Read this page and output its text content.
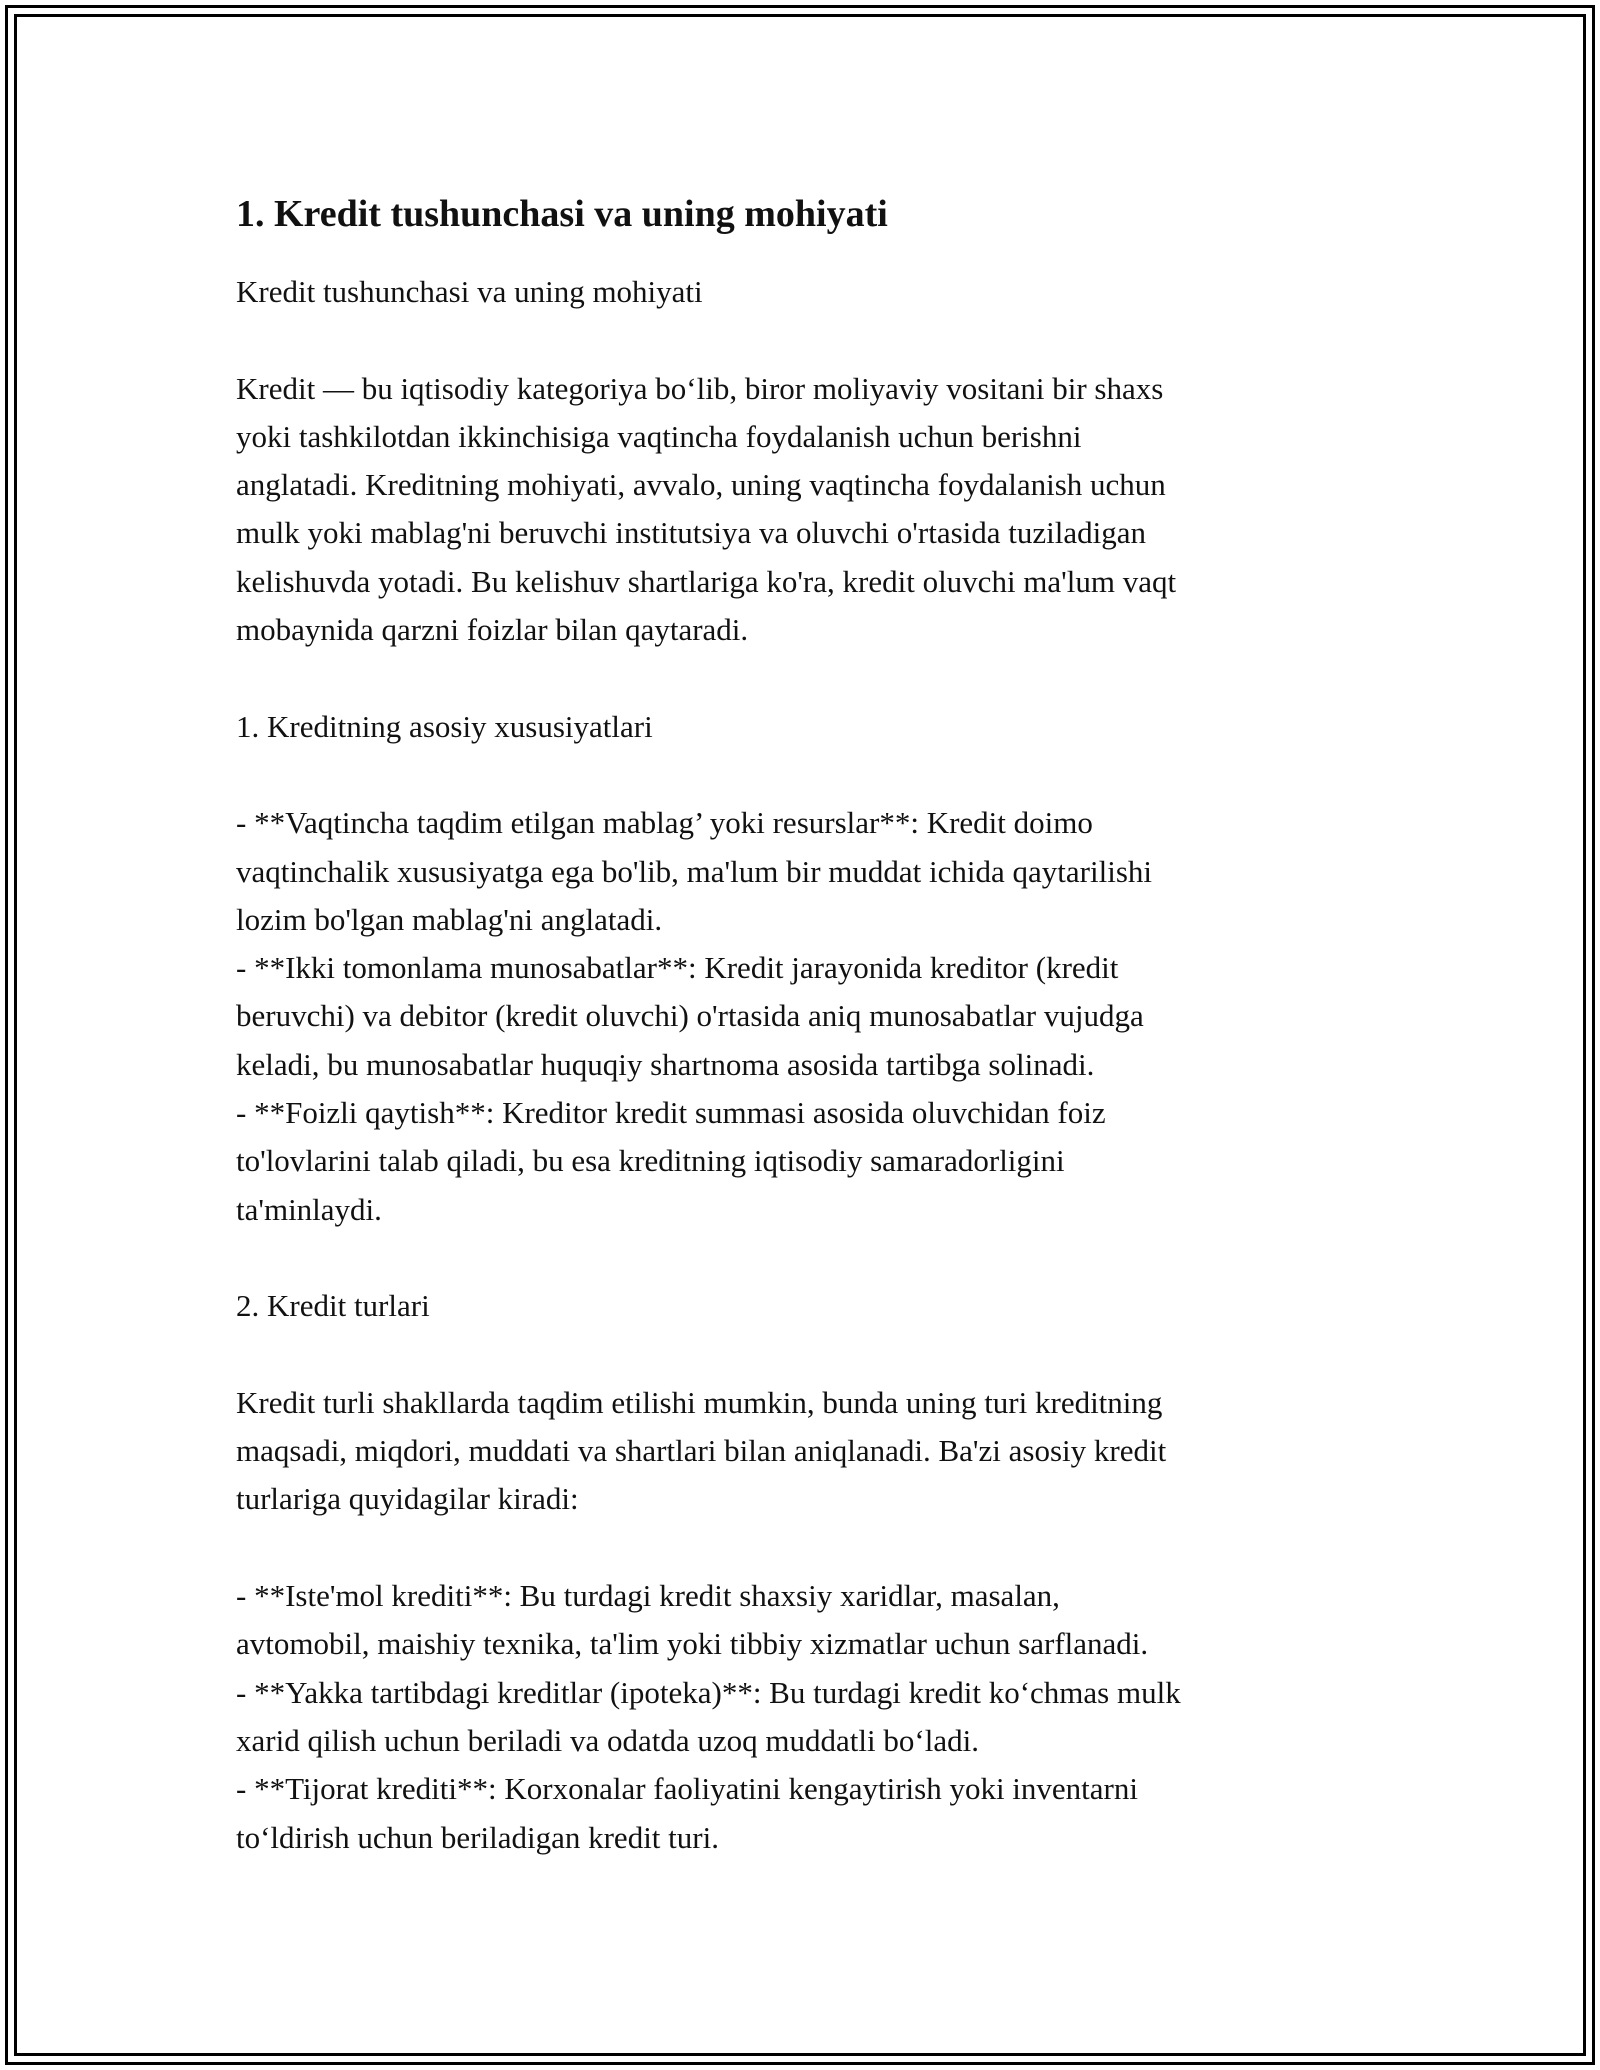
1. Kredit tushunchasi va uning mohiyati

Kredit tushunchasi va uning mohiyati

Kredit — bu iqtisodiy kategoriya bo‘lib, biror moliyaviy vositani bir shaxs
yoki tashkilotdan ikkinchisiga vaqtincha foydalanish uchun berishni
anglatadi. Kreditning mohiyati, avvalo, uning vaqtincha foydalanish uchun
mulk yoki mablag'ni beruvchi institutsiya va oluvchi o'rtasida tuziladigan
kelishuvda yotadi. Bu kelishuv shartlariga ko'ra, kredit oluvchi ma'lum vaqt
mobaynida qarzni foizlar bilan qaytaradi.

1. Kreditning asosiy xususiyatlari

- **Vaqtincha taqdim etilgan mablag’ yoki resurslar**: Kredit doimo
vaqtinchalik xususiyatga ega bo'lib, ma'lum bir muddat ichida qaytarilishi
lozim bo'lgan mablag'ni anglatadi.
- **Ikki tomonlama munosabatlar**: Kredit jarayonida kreditor (kredit
beruvchi) va debitor (kredit oluvchi) o'rtasida aniq munosabatlar vujudga
keladi, bu munosabatlar huquqiy shartnoma asosida tartibga solinadi.
- **Foizli qaytish**: Kreditor kredit summasi asosida oluvchidan foiz
to'lovlarini talab qiladi, bu esa kreditning iqtisodiy samaradorligini
ta'minlaydi.

2. Kredit turlari

Kredit turli shakllarda taqdim etilishi mumkin, bunda uning turi kreditning
maqsadi, miqdori, muddati va shartlari bilan aniqlanadi. Ba'zi asosiy kredit
turlariga quyidagilar kiradi:
- **Iste'mol krediti**: Bu turdagi kredit shaxsiy xaridlar, masalan,
avtomobil, maishiy texnika, ta'lim yoki tibbiy xizmatlar uchun sarflanadi.
- **Yakka tartibdagi kreditlar (ipoteka)**: Bu turdagi kredit ko‘chmas mulk
xarid qilish uchun beriladi va odatda uzoq muddatli bo‘ladi.
- **Tijorat krediti**: Korxonalar faoliyatini kengaytirish yoki inventarni
to‘ldirish uchun beriladigan kredit turi.
